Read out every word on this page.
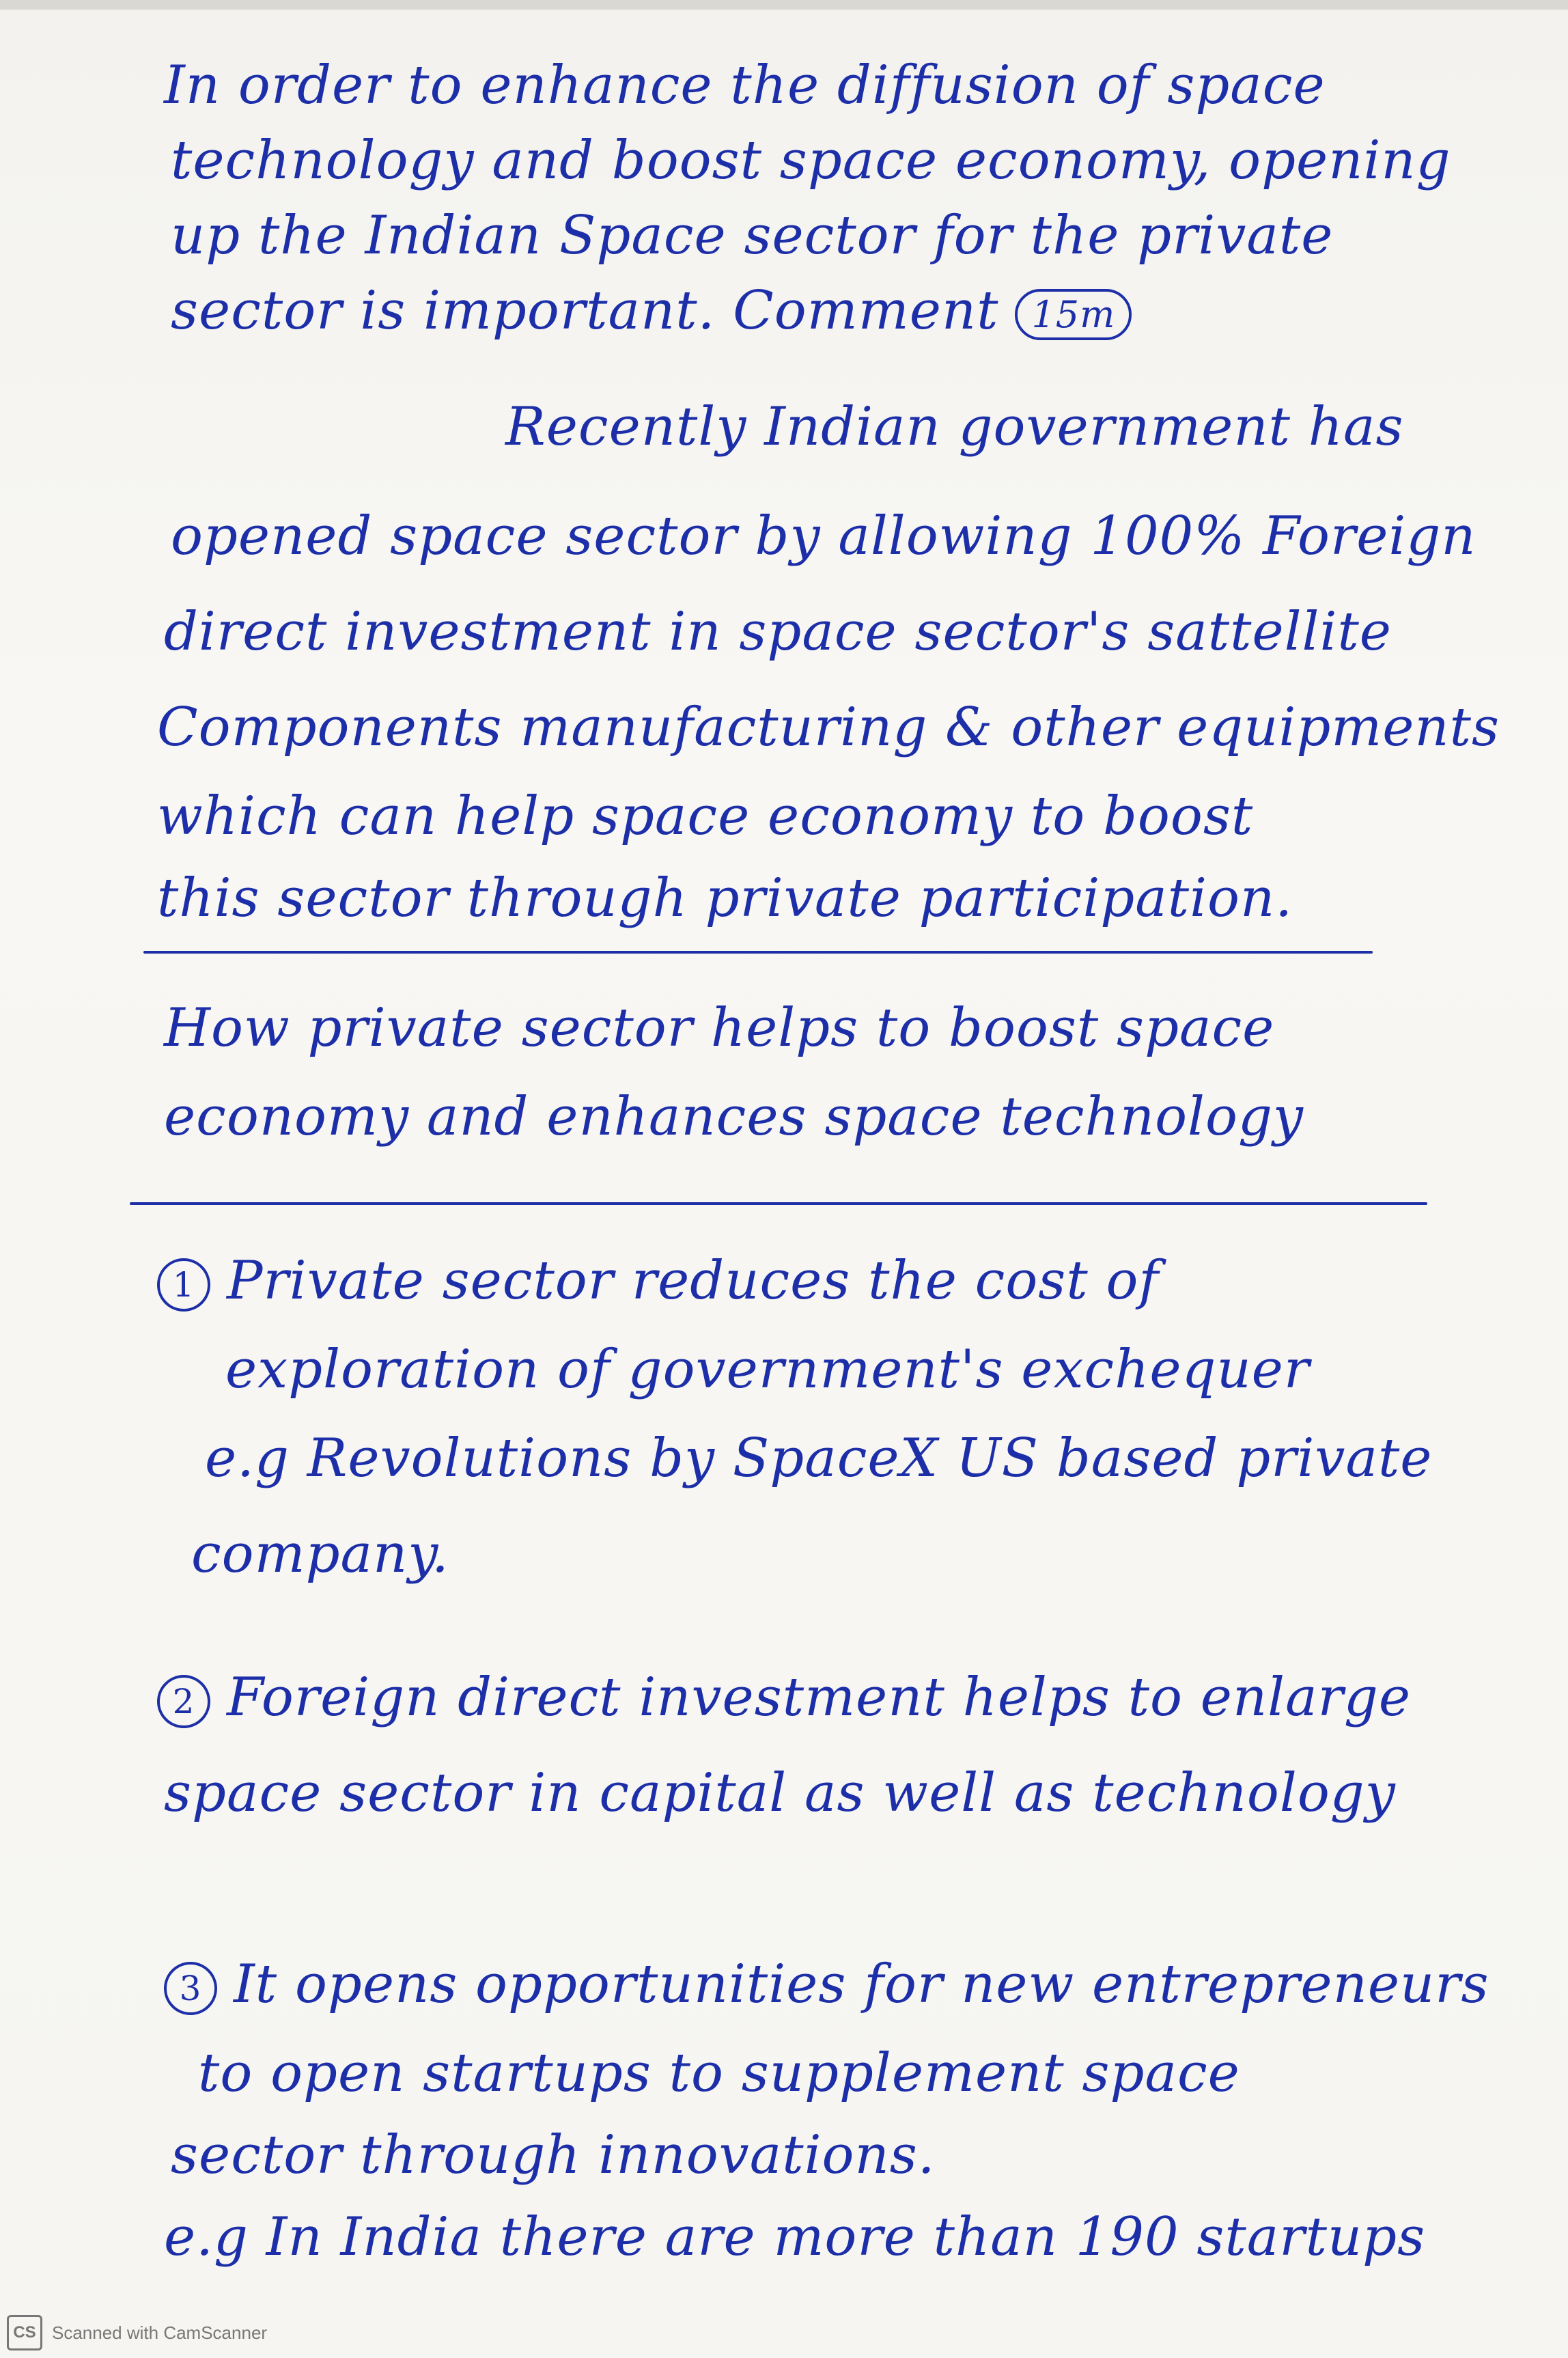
In order to enhance the diffusion of space
technology and boost space economy, opening
up the Indian Space sector for the private
sector is important. Comment 15m
Recently Indian government has
opened space sector by allowing 100% Foreign
direct investment in space sector's sattellite
Components manufacturing & other equipments
which can help space economy to boost
this sector through private participation.
How private sector helps to boost space
economy and enhances space technology
1 Private sector reduces the cost of
exploration of government's exchequer
e.g Revolutions by SpaceX US based private
company.
2 Foreign direct investment helps to enlarge
space sector in capital as well as technology
3 It opens opportunities for new entrepreneurs
to open startups to supplement space
sector through innovations.
e.g In India there are more than 190 startups
CS Scanned with CamScanner
